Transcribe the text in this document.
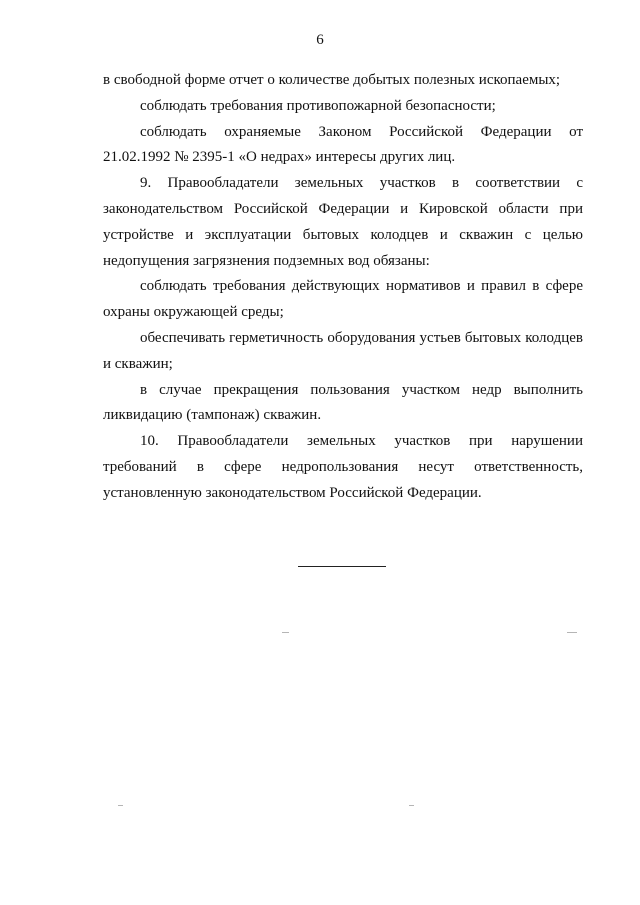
6

в свободной форме отчет о количестве добытых полезных ископаемых;

соблюдать требования противопожарной безопасности;

соблюдать охраняемые Законом Российской Федерации от 21.02.1992 № 2395-1 «О недрах» интересы других лиц.

9. Правообладатели земельных участков в соответствии с законодательством Российской Федерации и Кировской области при устройстве и эксплуатации бытовых колодцев и скважин с целью недопущения загрязнения подземных вод обязаны:

соблюдать требования действующих нормативов и правил в сфере охраны окружающей среды;

обеспечивать герметичность оборудования устьев бытовых колодцев и скважин;

в случае прекращения пользования участком недр выполнить ликвидацию (тампонаж) скважин.

10. Правообладатели земельных участков при нарушении требований в сфере недропользования несут ответственность, установленную законодательством Российской Федерации.
